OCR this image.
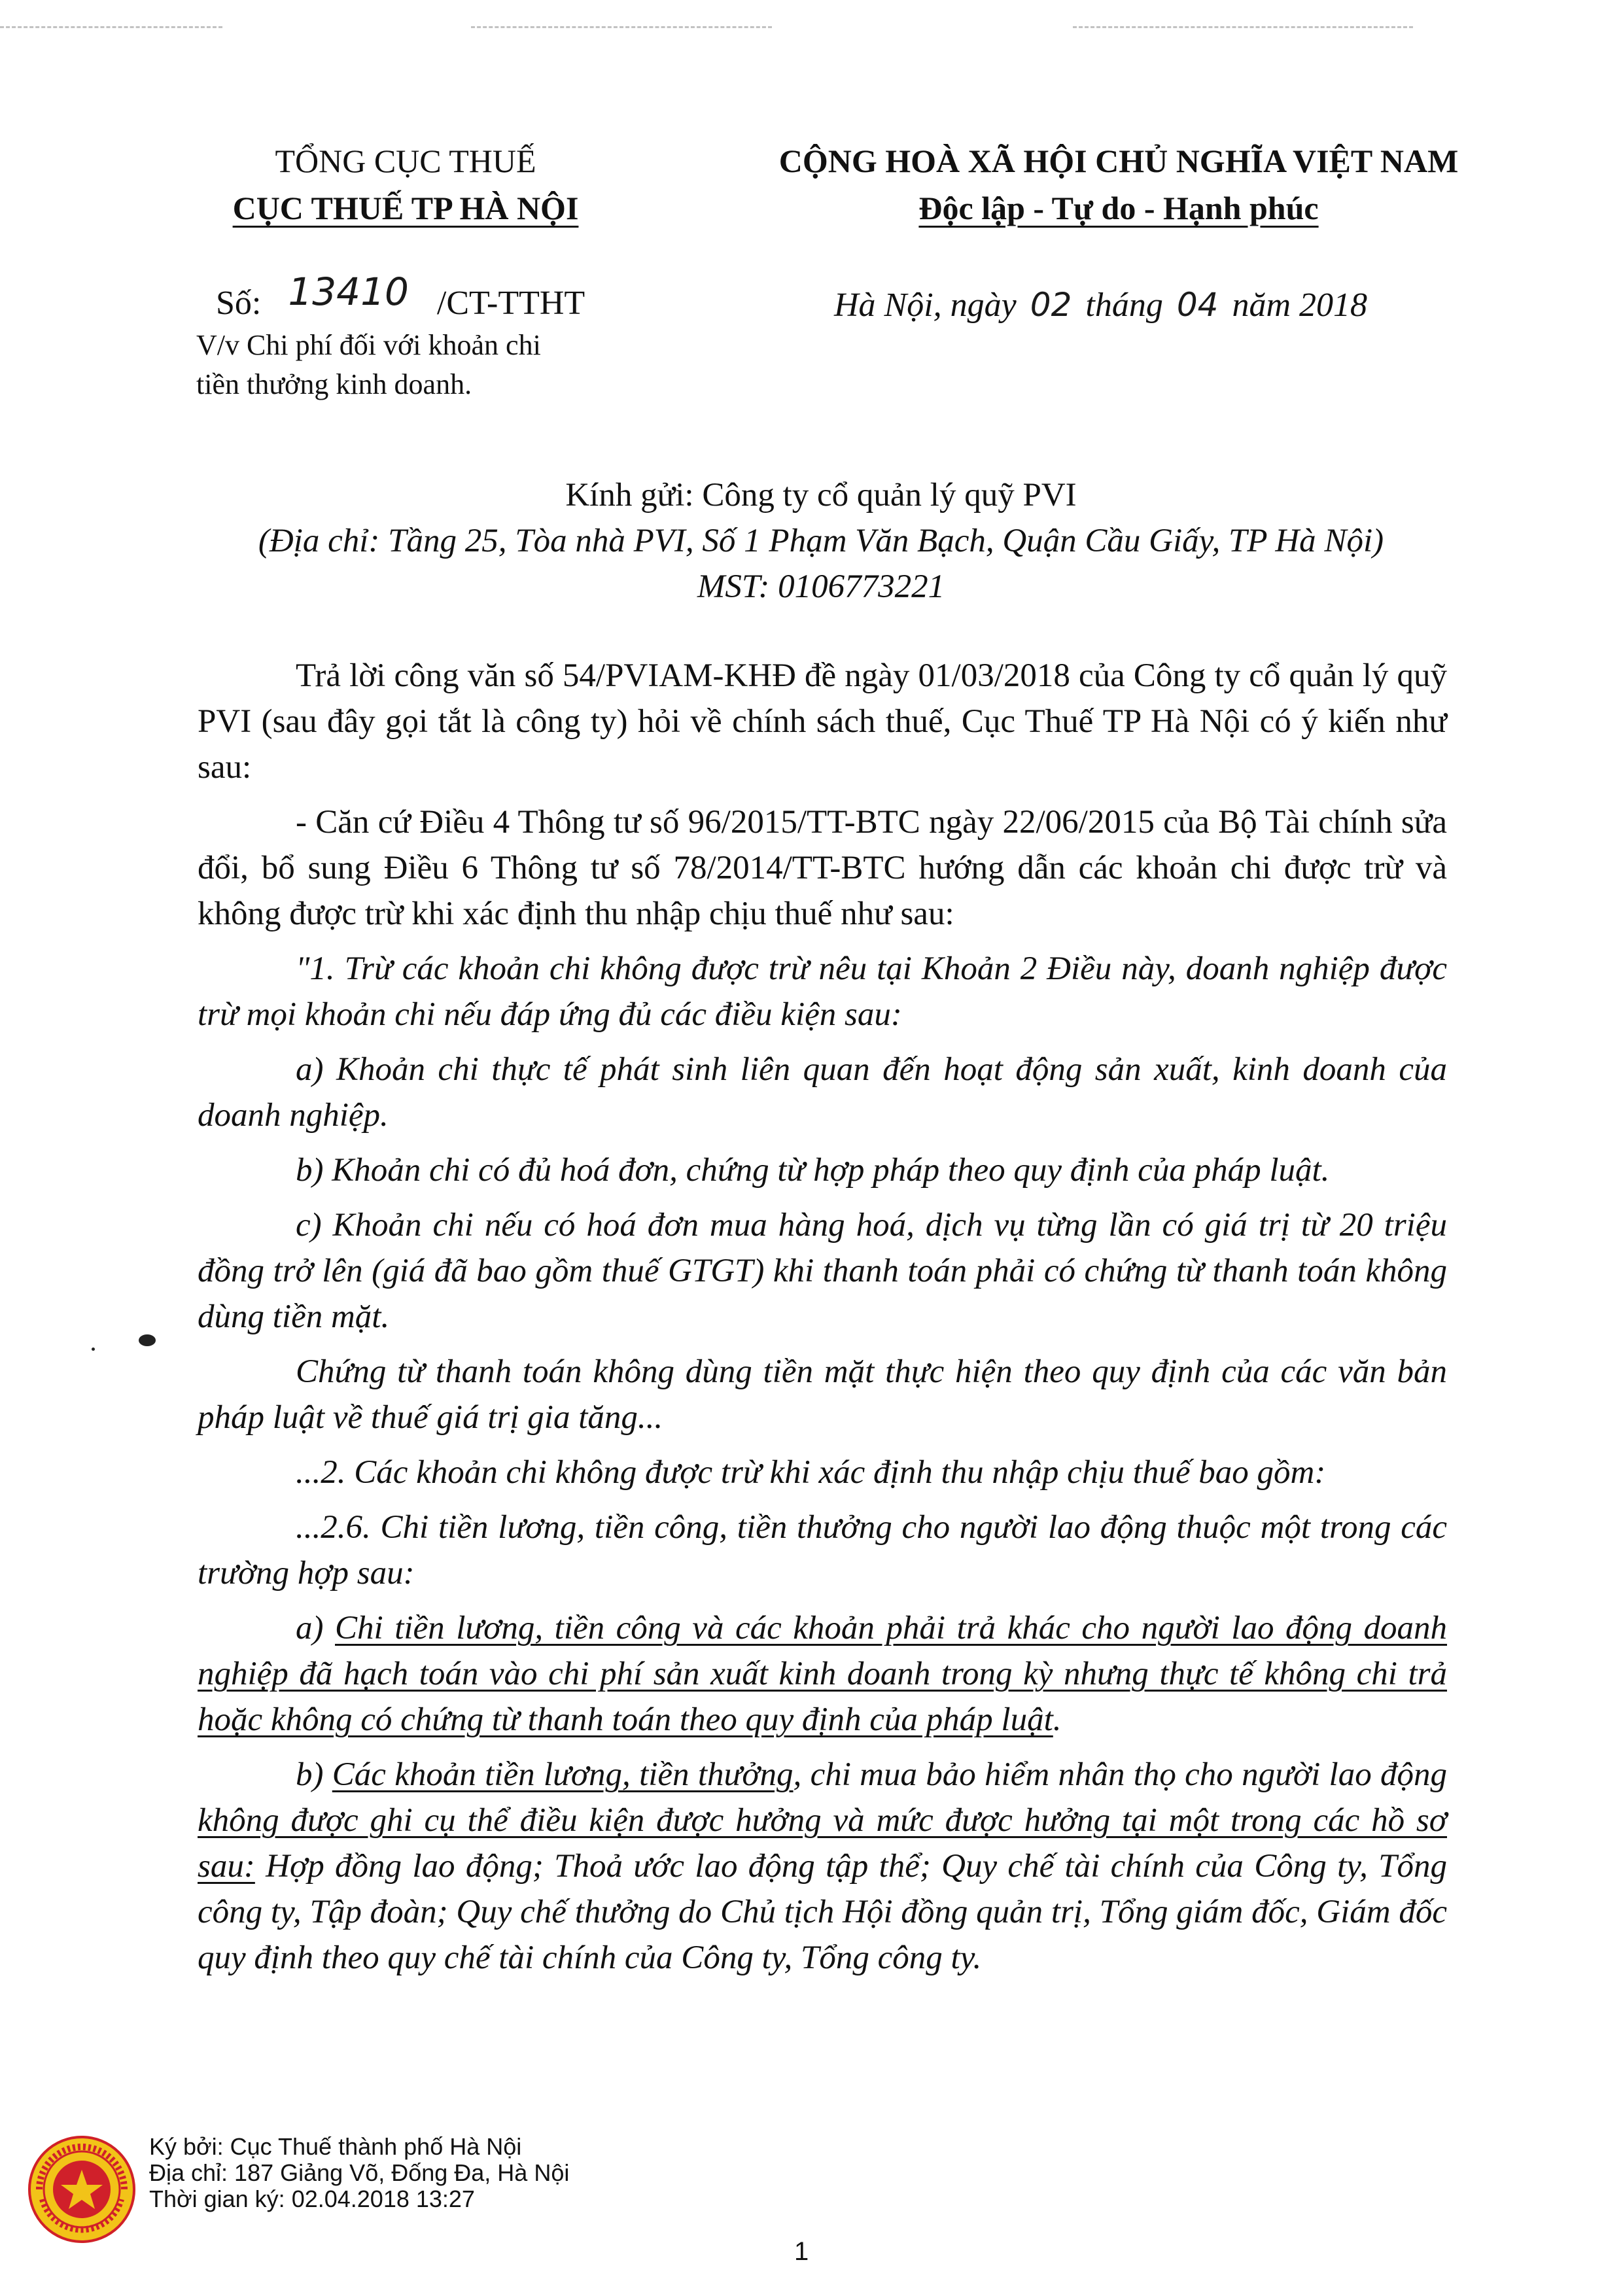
TỔNG CỤC THUẾ
CỤC THUẾ TP HÀ NỘI
CỘNG HOÀ XÃ HỘI CHỦ NGHĨA VIỆT NAM
Độc lập - Tự do - Hạnh phúc
Số: 13410 /CT-TTHT
V/v Chi phí đối với khoản chi
tiền thưởng kinh doanh.
Hà Nội, ngày 02 tháng 04 năm 2018
Kính gửi: Công ty cổ quản lý quỹ PVI
(Địa chỉ: Tầng 25, Tòa nhà PVI, Số 1 Phạm Văn Bạch, Quận Cầu Giấy, TP Hà Nội)
MST: 0106773221

Trả lời công văn số 54/PVIAM-KHĐ đề ngày 01/03/2018 của Công ty cổ quản lý quỹ PVI (sau đây gọi tắt là công ty) hỏi về chính sách thuế, Cục Thuế TP Hà Nội có ý kiến như sau:

- Căn cứ Điều 4 Thông tư số 96/2015/TT-BTC ngày 22/06/2015 của Bộ Tài chính sửa đổi, bổ sung Điều 6 Thông tư số 78/2014/TT-BTC hướng dẫn các khoản chi được trừ và không được trừ khi xác định thu nhập chịu thuế như sau:

"1. Trừ các khoản chi không được trừ nêu tại Khoản 2 Điều này, doanh nghiệp được trừ mọi khoản chi nếu đáp ứng đủ các điều kiện sau:

a) Khoản chi thực tế phát sinh liên quan đến hoạt động sản xuất, kinh doanh của doanh nghiệp.

b) Khoản chi có đủ hoá đơn, chứng từ hợp pháp theo quy định của pháp luật.

c) Khoản chi nếu có hoá đơn mua hàng hoá, dịch vụ từng lần có giá trị từ 20 triệu đồng trở lên (giá đã bao gồm thuế GTGT) khi thanh toán phải có chứng từ thanh toán không dùng tiền mặt.

Chứng từ thanh toán không dùng tiền mặt thực hiện theo quy định của các văn bản pháp luật về thuế giá trị gia tăng...

...2. Các khoản chi không được trừ khi xác định thu nhập chịu thuế bao gồm:

...2.6. Chi tiền lương, tiền công, tiền thưởng cho người lao động thuộc một trong các trường hợp sau:

a) Chi tiền lương, tiền công và các khoản phải trả khác cho người lao động doanh nghiệp đã hạch toán vào chi phí sản xuất kinh doanh trong kỳ nhưng thực tế không chi trả hoặc không có chứng từ thanh toán theo quy định của pháp luật.

b) Các khoản tiền lương, tiền thưởng, chi mua bảo hiểm nhân thọ cho người lao động không được ghi cụ thể điều kiện được hưởng và mức được hưởng tại một trong các hồ sơ sau: Hợp đồng lao động; Thoả ước lao động tập thể; Quy chế tài chính của Công ty, Tổng công ty, Tập đoàn; Quy chế thưởng do Chủ tịch Hội đồng quản trị, Tổng giám đốc, Giám đốc quy định theo quy chế tài chính của Công ty, Tổng công ty.

Ký bởi: Cục Thuế thành phố Hà Nội
Địa chỉ: 187 Giảng Võ, Đống Đa, Hà Nội
Thời gian ký: 02.04.2018 13:27
1
